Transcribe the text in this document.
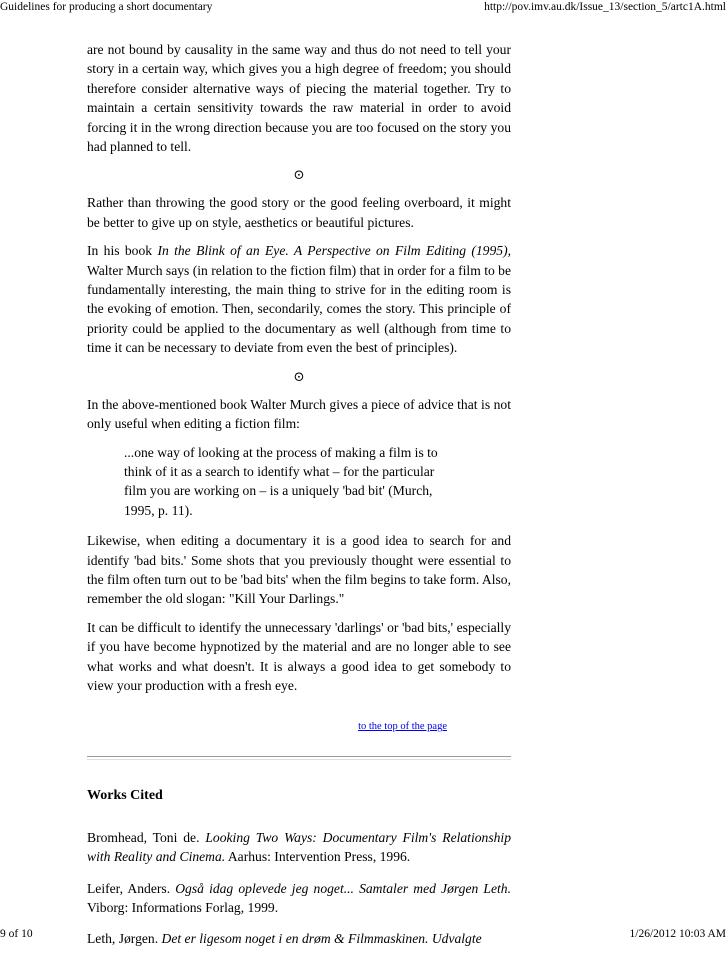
Guidelines for producing a short documentary	http://pov.imv.au.dk/Issue_13/section_5/artc1A.html

are not bound by causality in the same way and thus do not need to tell your story in a certain way, which gives you a high degree of freedom; you should therefore consider alternative ways of piecing the material together. Try to maintain a certain sensitivity towards the raw material in order to avoid forcing it in the wrong direction because you are too focused on the story you had planned to tell.

⊙

Rather than throwing the good story or the good feeling overboard, it might be better to give up on style, aesthetics or beautiful pictures.

In his book In the Blink of an Eye. A Perspective on Film Editing (1995), Walter Murch says (in relation to the fiction film) that in order for a film to be fundamentally interesting, the main thing to strive for in the editing room is the evoking of emotion. Then, secondarily, comes the story. This principle of priority could be applied to the documentary as well (although from time to time it can be necessary to deviate from even the best of principles).

⊙

In the above-mentioned book Walter Murch gives a piece of advice that is not only useful when editing a fiction film:

...one way of looking at the process of making a film is to think of it as a search to identify what – for the particular film you are working on – is a uniquely 'bad bit' (Murch, 1995, p. 11).

Likewise, when editing a documentary it is a good idea to search for and identify 'bad bits.' Some shots that you previously thought were essential to the film often turn out to be 'bad bits' when the film begins to take form. Also, remember the old slogan: "Kill Your Darlings."

It can be difficult to identify the unnecessary 'darlings' or 'bad bits,' especially if you have become hypnotized by the material and are no longer able to see what works and what doesn't. It is always a good idea to get somebody to view your production with a fresh eye.

to the top of the page
Works Cited

Bromhead, Toni de. Looking Two Ways: Documentary Film's Relationship with Reality and Cinema. Aarhus: Intervention Press, 1996.

Leifer, Anders. Også idag oplevede jeg noget... Samtaler med Jørgen Leth. Viborg: Informations Forlag, 1999.

Leth, Jørgen. Det er ligesom noget i en drøm & Filmmaskinen. Udvalgte

9 of 10	1/26/2012 10:03 AM
